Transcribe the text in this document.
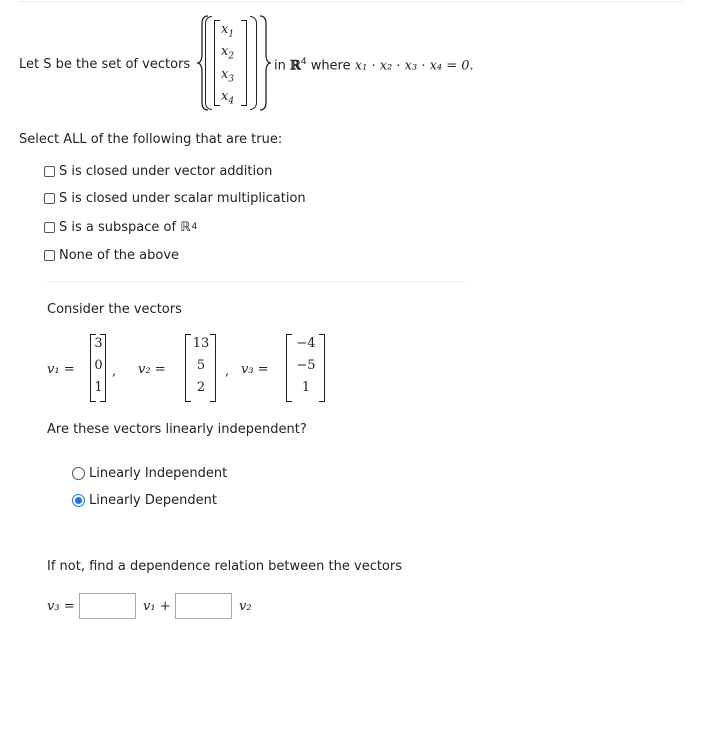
Let S be the set of vectors
$x_1$
$x_2$
$x_3$
$x_4$
in ℝ$^4$ where x₁ · x₂ · x₃ · x₄ = 0.
Select ALL of the following that are true:
S is closed under vector addition
S is closed under scalar multiplication
S is a subspace of ℝ 4
None of the above
Consider the vectors
v₁ =
3
0
1
, v₂ =
13
5
2
, v₃ =
−4
−5
1
Are these vectors linearly independent?
Linearly Independent
Linearly Dependent
If not, find a dependence relation between the vectors
v₃ =	v₁ +	v₂
